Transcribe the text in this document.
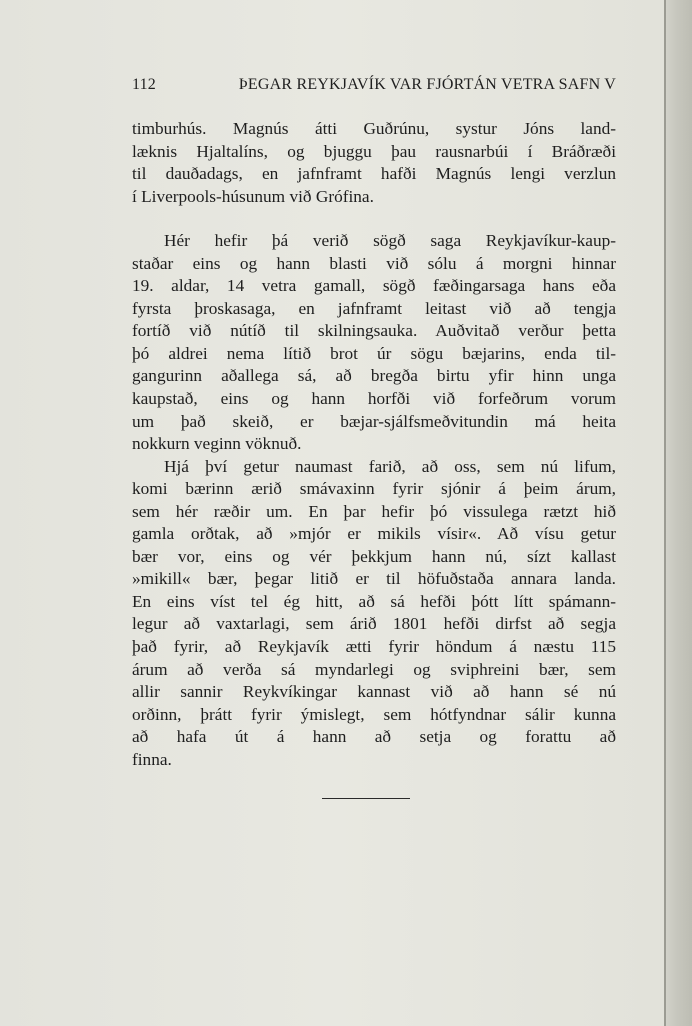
112	ÞEGAR REYKJAVÍK VAR FJÓRTÁN VETRA SAFN V
timburhús. Magnús átti Guðrúnu, systur Jóns land-
læknis Hjaltalíns, og bjuggu þau rausnarbúi í Bráðræði
til dauðadags, en jafnframt hafði Magnús lengi verzlun
í Liverpools-húsunum við Grófina.
Hér hefir þá verið sögð saga Reykjavíkur-kaup-
staðar eins og hann blasti við sólu á morgni hinnar
19. aldar, 14 vetra gamall, sögð fæðingarsaga hans eða
fyrsta þroskasaga, en jafnframt leitast við að tengja
fortíð við nútíð til skilningsauka. Auðvitað verður þetta
þó aldrei nema lítið brot úr sögu bæjarins, enda til-
gangurinn aðallega sá, að bregða birtu yfir hinn unga
kaupstað, eins og hann horfði við forfeðrum vorum
um það skeið, er bæjar-sjálfsmeðvitundin má heita
nokkurn veginn vöknuð.
Hjá því getur naumast farið, að oss, sem nú lifum,
komi bærinn ærið smávaxinn fyrir sjónir á þeim árum,
sem hér ræðir um. En þar hefir þó vissulega rætzt hið
gamla orðtak, að »mjór er mikils vísir«. Að vísu getur
bær vor, eins og vér þekkjum hann nú, sízt kallast
»mikill« bær, þegar litið er til höfuðstaða annara landa.
En eins víst tel ég hitt, að sá hefði þótt lítt spámann-
legur að vaxtarlagi, sem árið 1801 hefði dirfst að segja
það fyrir, að Reykjavík ætti fyrir höndum á næstu 115
árum að verða sá myndarlegi og sviphreini bær, sem
allir sannir Reykvíkingar kannast við að hann sé nú
orðinn, þrátt fyrir ýmislegt, sem hótfyndnar sálir kunna
að hafa út á hann að setja og forattu að
finna.
